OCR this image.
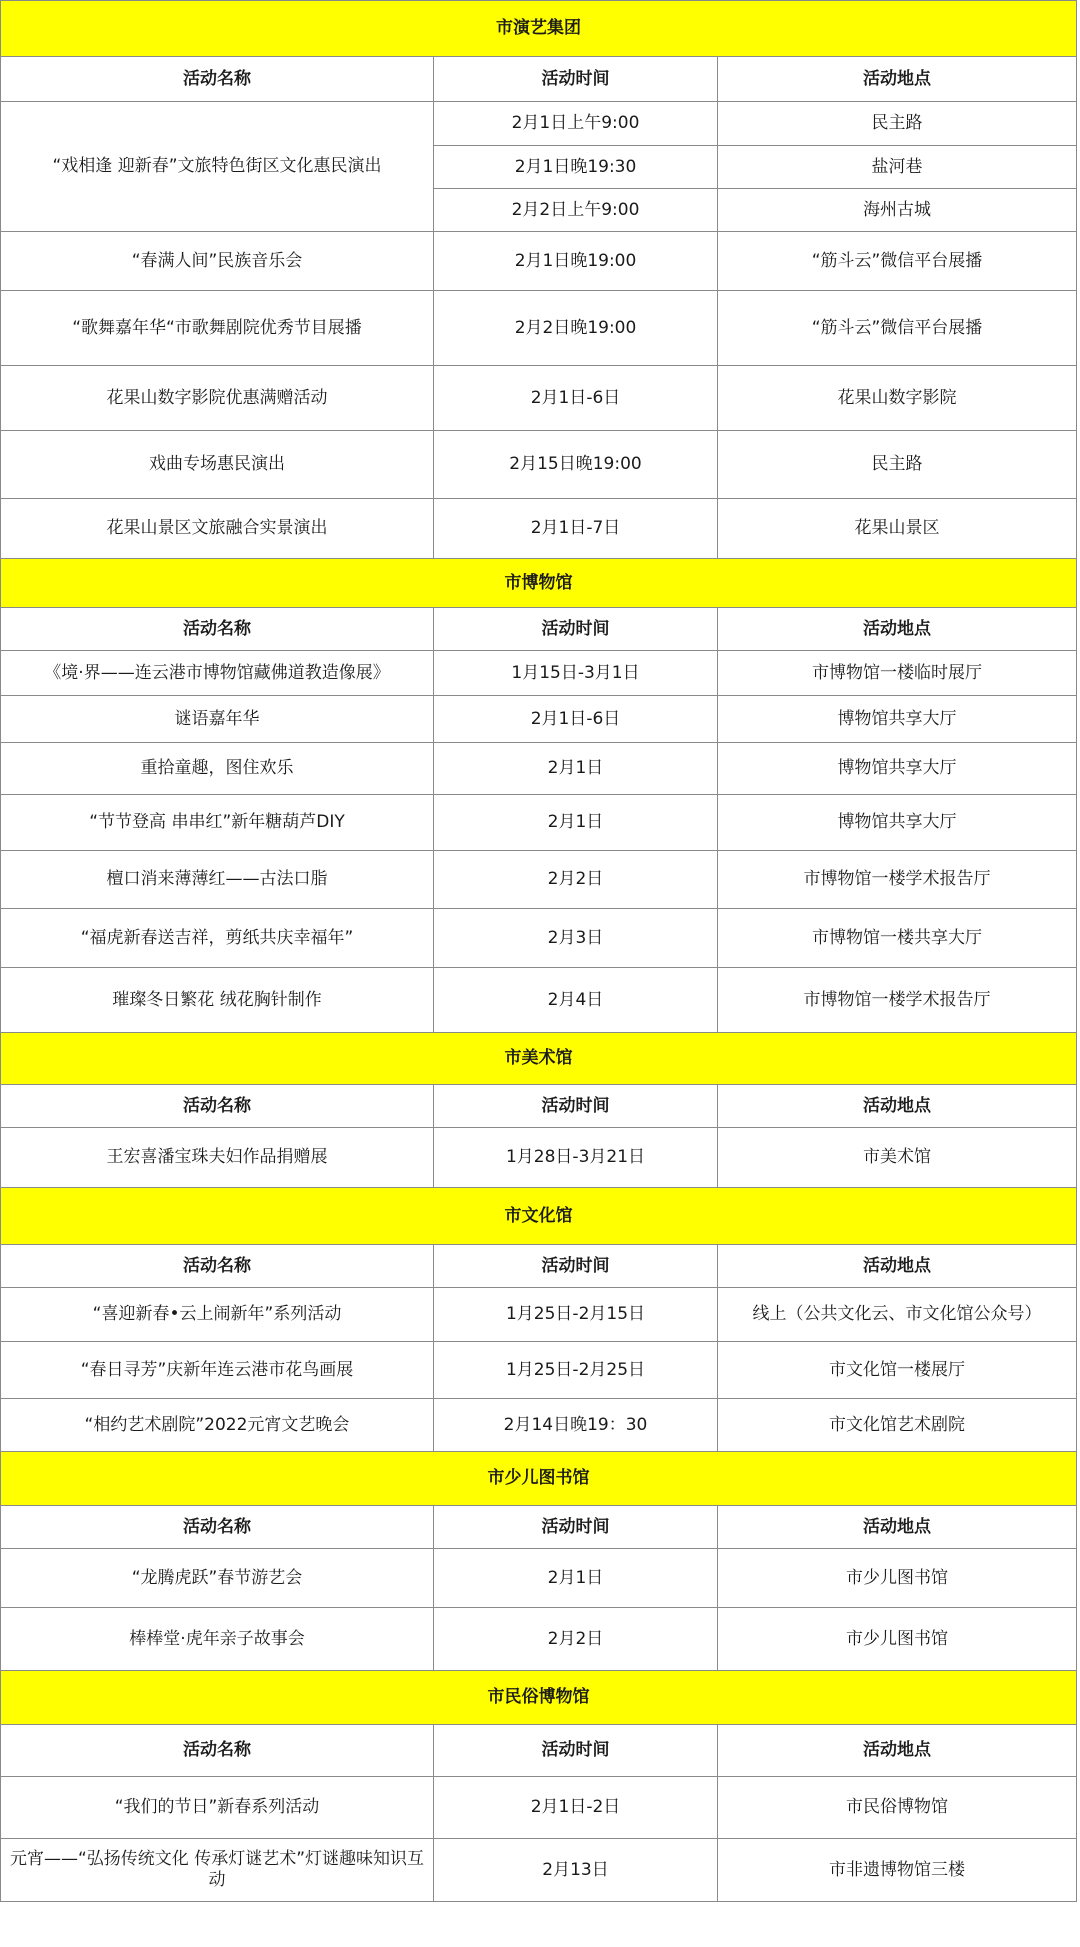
市演艺集团		
活动名称	活动时间	活动地点
“戏相逢 迎新春”文旅特色街区文化惠民演出	2月1日上午9:00	民主路
	2月1日晚19:30	盐河巷
	2月2日上午9:00	海州古城
“春满人间”民族音乐会	2月1日晚19:00	“筋斗云”微信平台展播
“歌舞嘉年华“市歌舞剧院优秀节目展播	2月2日晚19:00	“筋斗云”微信平台展播
花果山数字影院优惠满赠活动	2月1日-6日	花果山数字影院
戏曲专场惠民演出	2月15日晚19:00	民主路
花果山景区文旅融合实景演出	2月1日-7日	花果山景区
市博物馆		
活动名称	活动时间	活动地点
《境·界——连云港市博物馆藏佛道教造像展》	1月15日-3月1日	市博物馆一楼临时展厅
谜语嘉年华	2月1日-6日	博物馆共享大厅
重拾童趣，图住欢乐	2月1日	博物馆共享大厅
“节节登高 串串红”新年糖葫芦DIY	2月1日	博物馆共享大厅
檀口消来薄薄红——古法口脂	2月2日	市博物馆一楼学术报告厅
“福虎新春送吉祥，剪纸共庆幸福年”	2月3日	市博物馆一楼共享大厅
璀璨冬日繁花 绒花胸针制作	2月4日	市博物馆一楼学术报告厅
市美术馆		
活动名称	活动时间	活动地点
王宏喜潘宝珠夫妇作品捐赠展	1月28日-3月21日	市美术馆
市文化馆		
活动名称	活动时间	活动地点
“喜迎新春•云上闹新年”系列活动	1月25日-2月15日	线上（公共文化云、市文化馆公众号）
“春日寻芳”庆新年连云港市花鸟画展	1月25日-2月25日	市文化馆一楼展厅
“相约艺术剧院”2022元宵文艺晚会	2月14日晚19：30	市文化馆艺术剧院
市少儿图书馆		
活动名称	活动时间	活动地点
“龙腾虎跃”春节游艺会	2月1日	市少儿图书馆
棒棒堂·虎年亲子故事会	2月2日	市少儿图书馆
市民俗博物馆		
活动名称	活动时间	活动地点
“我们的节日”新春系列活动	2月1日-2日	市民俗博物馆
元宵——“弘扬传统文化 传承灯谜艺术”灯谜趣味知识互动	2月13日	市非遗博物馆三楼
